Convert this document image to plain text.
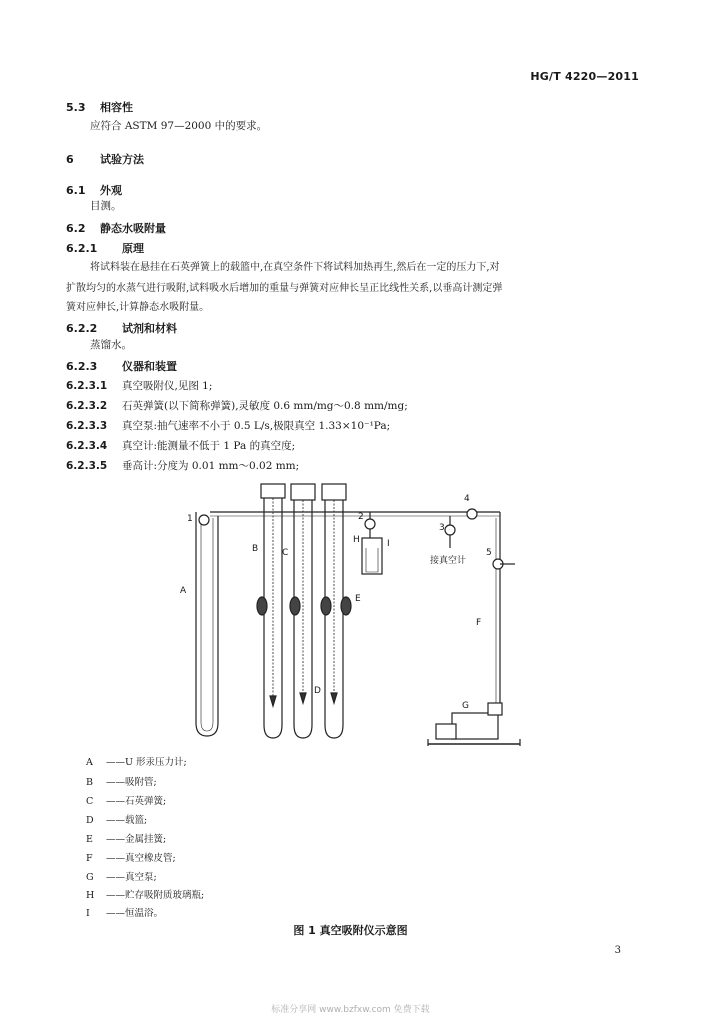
HG/T 4220—2011
5.3 相容性
应符合 ASTM 97—2000 中的要求。
6 试验方法
6.1 外观
目测。
6.2 静态水吸附量
6.2.1 原理
将试料装在悬挂在石英弹簧上的载篮中,在真空条件下将试料加热再生,然后在一定的压力下,对
扩散均匀的水蒸气进行吸附,试料吸水后增加的重量与弹簧对应伸长呈正比线性关系,以垂高计测定弹
簧对应伸长,计算静态水吸附量。
6.2.2 试剂和材料
蒸馏水。
6.2.3 仪器和装置
6.2.3.1 真空吸附仪,见图 1;
6.2.3.2 石英弹簧(以下简称弹簧),灵敏度 0.6 mm/mg～0.8 mm/mg;
6.2.3.3 真空泵:抽气速率不小于 0.5 L/s,极限真空 1.33×10⁻¹Pa;
6.2.3.4 真空计:能测量不低于 1 Pa 的真空度;
6.2.3.5 垂高计:分度为 0.01 mm～0.02 mm;
1
A
B	C
D
E
2
H	I
4
3
接真空计
5
F
G
A ——U 形汞压力计;
B ——吸附管;
C ——石英弹簧;
D ——载篮;
E ——金属挂簧;
F ——真空橡皮管;
G ——真空泵;
H ——贮存吸附质玻璃瓶;
I ——恒温浴。
图 1 真空吸附仪示意图
3
标准分享网 www.bzfxw.com 免费下载
